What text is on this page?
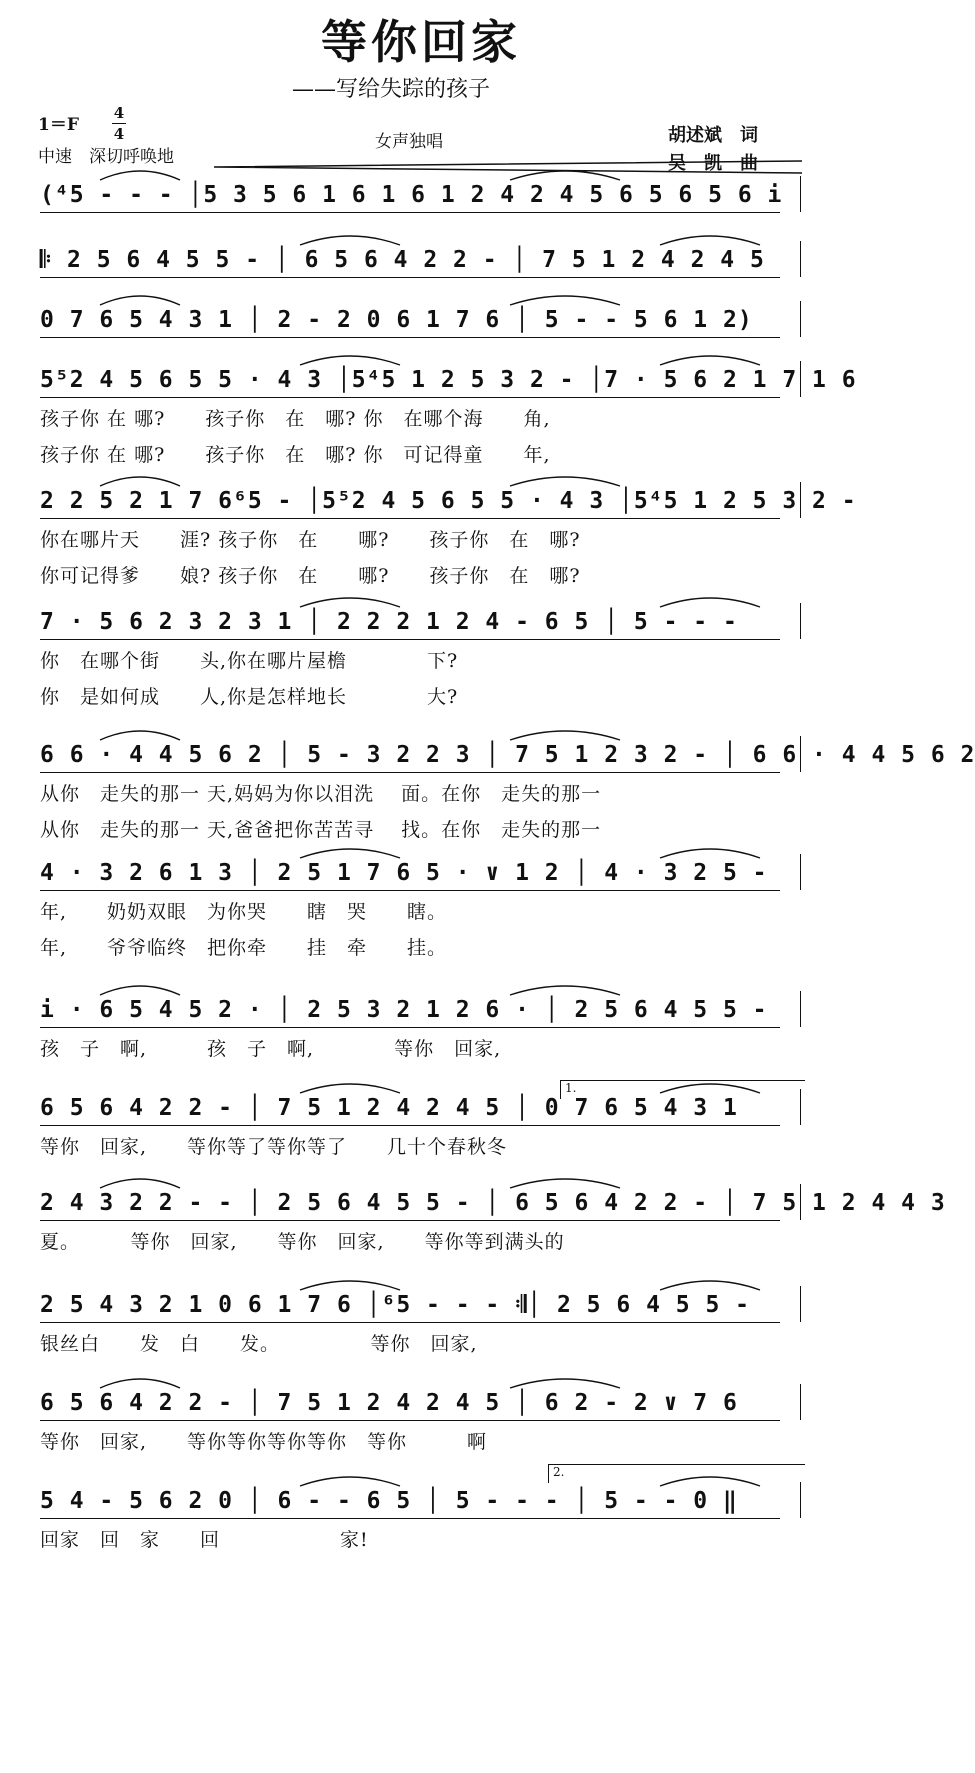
等你回家
——写给失踪的孩子
1＝F
4
4
中速　深切呼唤地
女声独唱	胡述斌　词
吴　凯　曲
(⁴5 - - - │5 3 5 6 1 6 1 6 1 2 4 2 4 5 6 5 6 5 6 i
𝄆 2 5 6 4 5 5 - │ 6 5 6 4 2 2 - │ 7 5 1 2 4 2 4 5
0 7 6 5 4 3 1 │ 2 - 2 0 6 1 7 6 │ 5 - - 5 6 1 2)
5⁵2 4 5 6 5 5 · 4 3 │5⁴5 1 2 5 3 2 - │7 · 5 6 2 1 7 1 6
孩子你 在 哪?　　孩子你　在　哪? 你　在哪个海　　角,
孩子你 在 哪?　　孩子你　在　哪? 你　可记得童　　年,
2 2 5 2 1 7 6⁶5 - │5⁵2 4 5 6 5 5 · 4 3 │5⁴5 1 2 5 3 2 -
你在哪片天　　涯? 孩子你　在　　哪?　　孩子你　在　哪?
你可记得爹　　娘? 孩子你　在　　哪?　　孩子你　在　哪?
7 · 5 6 2 3 2 3 1 │ 2 2 2 1 2 4 - 6 5 │ 5 - - -
你　在哪个街　　头,你在哪片屋檐　　　　下?
你　是如何成　　人,你是怎样地长　　　　大?
6 6 · 4 4 5 6 2 │ 5 - 3 2 2 3 │ 7 5 1 2 3 2 - │ 6 6 · 4 4 5 6 2
从你　走失的那一 天,妈妈为你以泪洗　 面。在你　走失的那一
从你　走失的那一 天,爸爸把你苦苦寻　 找。在你　走失的那一
4 · 3 2 6 1 3 │ 2 5 1 7 6 5 · ∨ 1 2 │ 4 · 3 2 5 -
年,　　奶奶双眼　为你哭　　瞎　哭　　瞎。
年,　　爷爷临终　把你牵　　挂　牵　　挂。
i · 6 5 4 5 2 · │ 2 5 3 2 1 2 6 · │ 2 5 6 4 5 5 -
孩　子　啊,　　　孩　子　啊,　　　　等你　回家,
6 5 6 4 2 2 - │ 7 5 1 2 4 2 4 5 │ 0 7 6 5 4 3 1
等你　回家,　　等你等了等你等了　　几十个春秋冬
2 4 3 2 2 - - │ 2 5 6 4 5 5 - │ 6 5 6 4 2 2 - │ 7 5 1 2 4 4 3
夏。　　　等你　回家,　　等你　回家,　　等你等到满头的
2 5 4 3 2 1 0 6 1 7 6 │⁶5 - - - 𝄇│ 2 5 6 4 5 5 -
银丝白　　发　白　　发。　　　　　等你　回家,
6 5 6 4 2 2 - │ 7 5 1 2 4 2 4 5 │ 6 2 - 2 ∨ 7 6
等你　回家,　　等你等你等你等你　等你　　　啊
5 4 - 5 6 2 0 │ 6 - - 6 5 │ 5 - - - │ 5 - - 0 ‖
回家　回　家　　回　　　　　　家!
1.
2.
